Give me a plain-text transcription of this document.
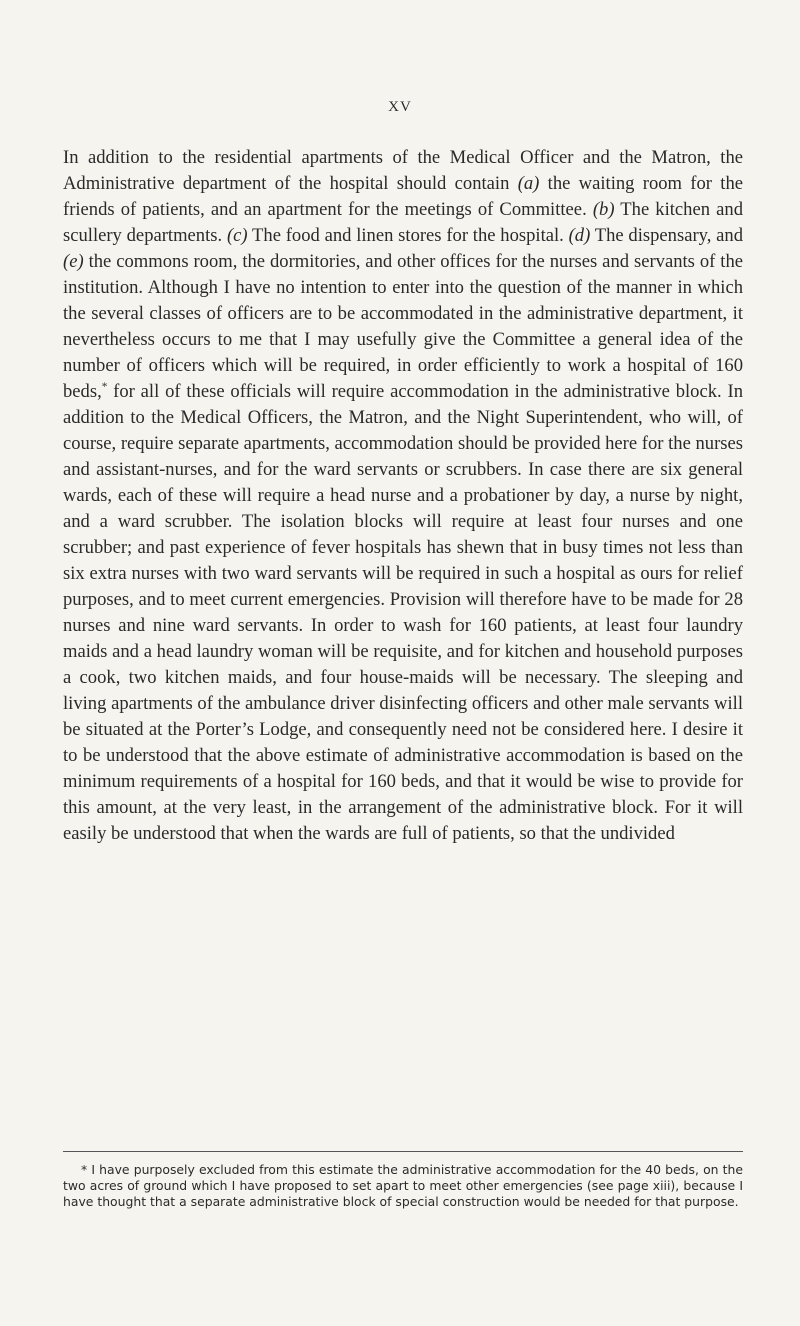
XV

In addition to the residential apartments of the Medical Officer and the Matron, the Administrative department of the hospital should contain (a) the waiting room for the friends of patients, and an apartment for the meetings of Committee. (b) The kitchen and scullery departments. (c) The food and linen stores for the hospital. (d) The dispensary, and (e) the commons room, the dormitories, and other offices for the nurses and servants of the institution. Although I have no intention to enter into the question of the manner in which the several classes of officers are to be accommodated in the administrative department, it nevertheless occurs to me that I may usefully give the Committee a general idea of the number of officers which will be required, in order efficiently to work a hospital of 160 beds,* for all of these officials will require accommodation in the administrative block. In addition to the Medical Officers, the Matron, and the Night Superintendent, who will, of course, require separate apartments, accommodation should be provided here for the nurses and assistant-nurses, and for the ward servants or scrubbers. In case there are six general wards, each of these will require a head nurse and a probationer by day, a nurse by night, and a ward scrubber. The isolation blocks will require at least four nurses and one scrubber; and past experience of fever hospitals has shewn that in busy times not less than six extra nurses with two ward servants will be required in such a hospital as ours for relief purposes, and to meet current emergencies. Provision will therefore have to be made for 28 nurses and nine ward servants. In order to wash for 160 patients, at least four laundry maids and a head laundry woman will be requisite, and for kitchen and household purposes a cook, two kitchen maids, and four house-maids will be necessary. The sleeping and living apartments of the ambulance driver disinfecting officers and other male servants will be situated at the Porter’s Lodge, and consequently need not be considered here. I desire it to be understood that the above estimate of administrative accommodation is based on the minimum requirements of a hospital for 160 beds, and that it would be wise to provide for this amount, at the very least, in the arrangement of the administrative block. For it will easily be understood that when the wards are full of patients, so that the undivided

* I have purposely excluded from this estimate the administrative accommodation for the 40 beds, on the two acres of ground which I have proposed to set apart to meet other emergencies (see page xiii), because I have thought that a separate administrative block of special construction would be needed for that purpose.
